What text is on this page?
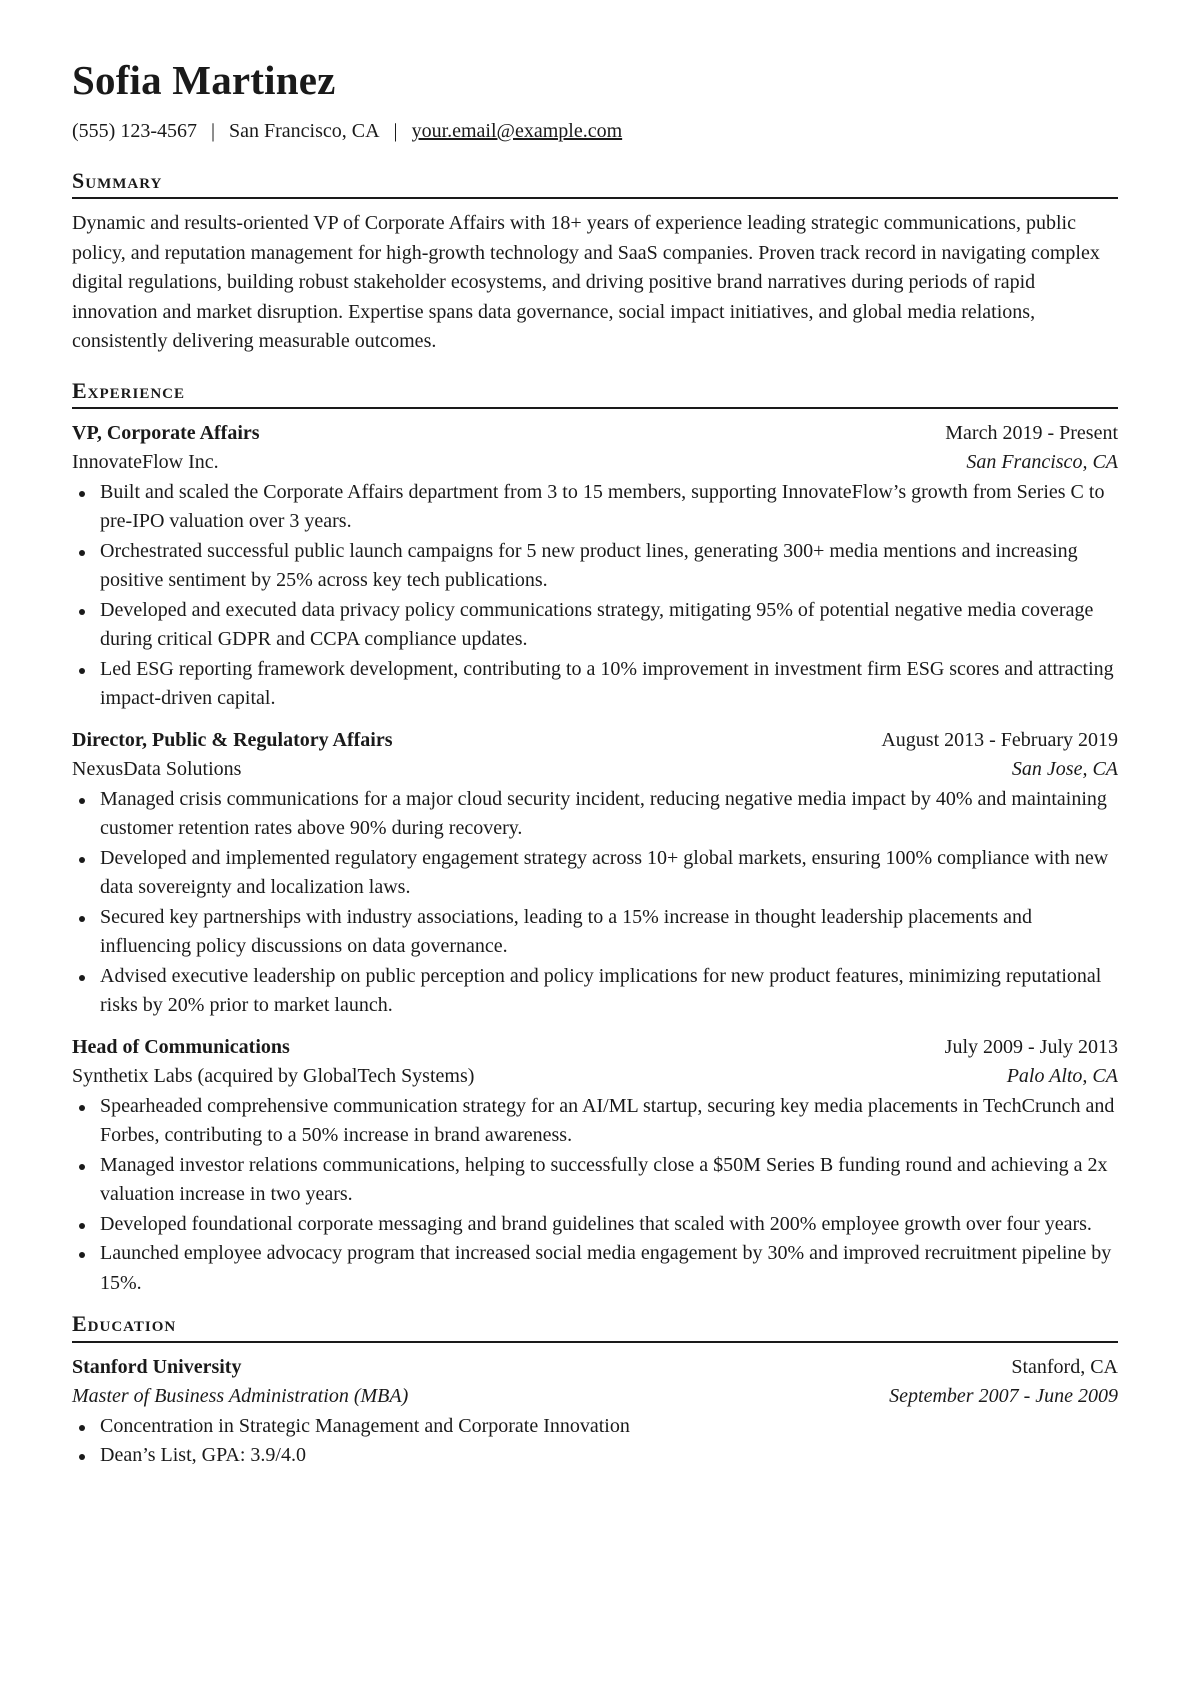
Sofia Martinez
(555) 123-4567 | San Francisco, CA | your.email@example.com
Summary

Dynamic and results-oriented VP of Corporate Affairs with 18+ years of experience leading strategic communications, public policy, and reputation management for high-growth technology and SaaS companies. Proven track record in navigating complex digital regulations, building robust stakeholder ecosystems, and driving positive brand narratives during periods of rapid innovation and market disruption. Expertise spans data governance, social impact initiatives, and global media relations, consistently delivering measurable outcomes.

Experience
VP, Corporate Affairs	March 2019 - Present
InnovateFlow Inc.	San Francisco, CA
Built and scaled the Corporate Affairs department from 3 to 15 members, supporting InnovateFlow’s growth from Series C to pre-IPO valuation over 3 years.
Orchestrated successful public launch campaigns for 5 new product lines, generating 300+ media mentions and increasing positive sentiment by 25% across key tech publications.
Developed and executed data privacy policy communications strategy, mitigating 95% of potential negative media coverage during critical GDPR and CCPA compliance updates.
Led ESG reporting framework development, contributing to a 10% improvement in investment firm ESG scores and attracting impact-driven capital.
Director, Public & Regulatory Affairs	August 2013 - February 2019
NexusData Solutions	San Jose, CA
Managed crisis communications for a major cloud security incident, reducing negative media impact by 40% and maintaining customer retention rates above 90% during recovery.
Developed and implemented regulatory engagement strategy across 10+ global markets, ensuring 100% compliance with new data sovereignty and localization laws.
Secured key partnerships with industry associations, leading to a 15% increase in thought leadership placements and influencing policy discussions on data governance.
Advised executive leadership on public perception and policy implications for new product features, minimizing reputational risks by 20% prior to market launch.
Head of Communications	July 2009 - July 2013
Synthetix Labs (acquired by GlobalTech Systems)	Palo Alto, CA
Spearheaded comprehensive communication strategy for an AI/ML startup, securing key media placements in TechCrunch and Forbes, contributing to a 50% increase in brand awareness.
Managed investor relations communications, helping to successfully close a $50M Series B funding round and achieving a 2x valuation increase in two years.
Developed foundational corporate messaging and brand guidelines that scaled with 200% employee growth over four years.
Launched employee advocacy program that increased social media engagement by 30% and improved recruitment pipeline by 15%.
Education
Stanford University	Stanford, CA
Master of Business Administration (MBA)	September 2007 - June 2009
Concentration in Strategic Management and Corporate Innovation
Dean’s List, GPA: 3.9/4.0
